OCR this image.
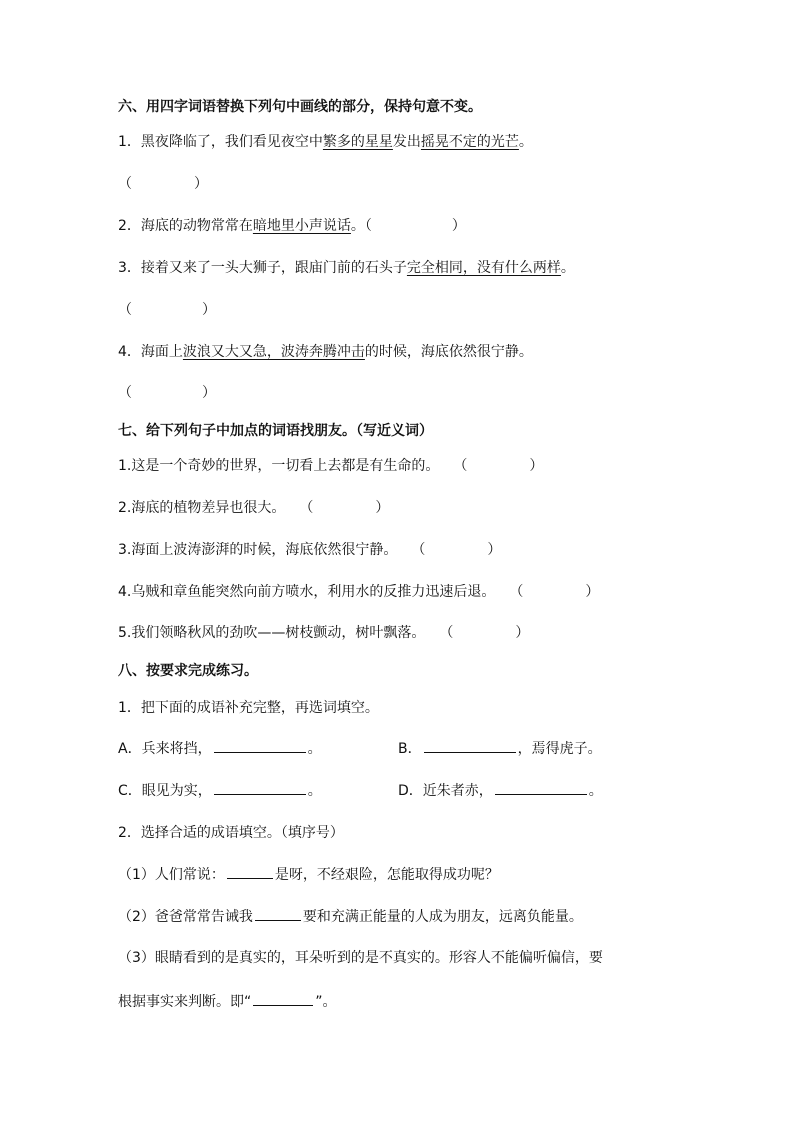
六、用四字词语替换下列句中画线的部分，保持句意不变。
1．黑夜降临了，我们看见夜空中繁多的星星发出摇晃不定的光芒。
（	）
2．海底的动物常常在暗地里小声说话。（	）
3．接着又来了一头大狮子，跟庙门前的石头子完全相同，没有什么两样。
（	）
4．海面上波浪又大又急，波涛奔腾冲击的时候，海底依然很宁静。
（	）
七、给下列句子中加点的词语找朋友。（写近义词）
1.这是一个奇妙的世界，一切看上去都是有生命的。 （	）
2.海底的植物差异也很大。 （	）
3.海面上波涛澎湃的时候，海底依然很宁静。 （	）
4.乌贼和章鱼能突然向前方喷水，利用水的反推力迅速后退。 （	）
5.我们领略秋风的劲吹——树枝颤动，树叶飘落。 （	）
八、按要求完成练习。
1．把下面的成语补充完整，再选词填空。
A．兵来将挡，	。	B．	，焉得虎子。
C．眼见为实，	。	D．近朱者赤，	。
2．选择合适的成语填空。（填序号）
（1）人们常说：	是呀，不经艰险，怎能取得成功呢？
（2）爸爸常常告诫我	要和充满正能量的人成为朋友，远离负能量。
（3）眼睛看到的是真实的，耳朵听到的是不真实的。形容人不能偏听偏信，要
根据事实来判断。即“	”。
